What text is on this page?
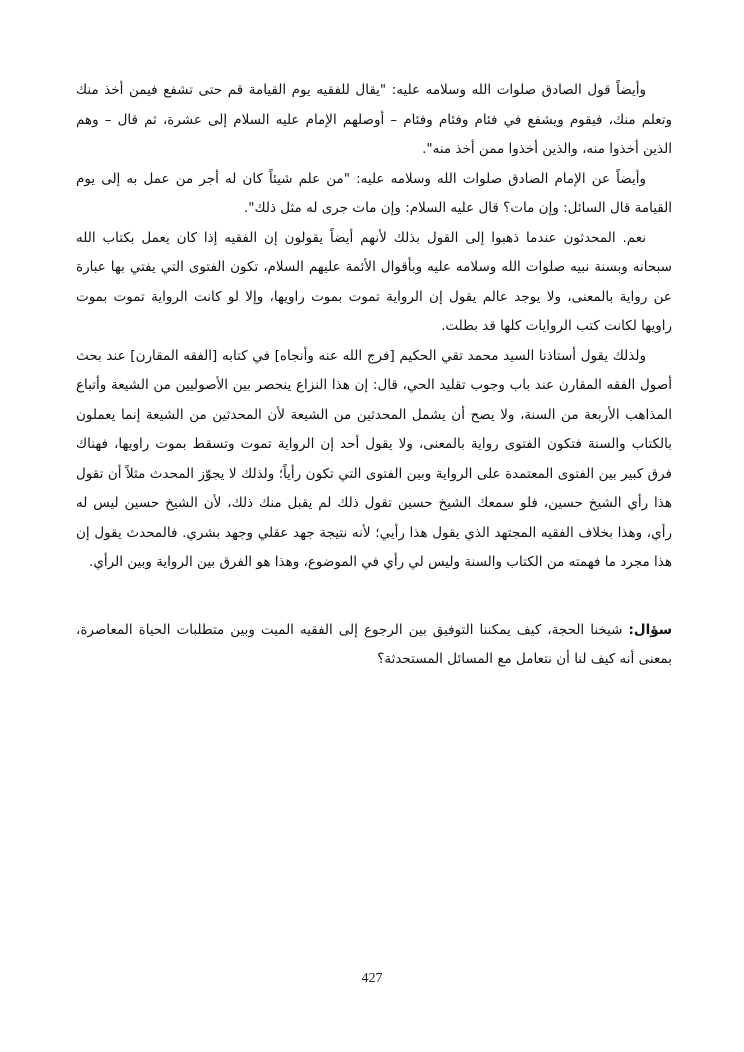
وأيضاً قول الصادق صلوات الله وسلامه عليه: "يقال للفقيه يوم القيامة قم حتى تشفع فيمن أخذ منك وتعلم منك، فيقوم ويشفع في فئام وفئام وفئام – أوصلهم الإمام عليه السلام إلى عشرة، ثم قال – وهم الذين أخذوا منه، والذين أخذوا ممن أخذ منه".

وأيضاً عن الإمام الصادق صلوات الله وسلامه عليه: "من علم شيئاً كان له أجر من عمل به إلى يوم القيامة قال السائل: وإن مات؟ قال عليه السلام: وإن مات جرى له مثل ذلك".

نعم. المحدثون عندما ذهبوا إلى القول بذلك لأنهم أيضاً يقولون إن الفقيه إذا كان يعمل بكتاب الله سبحانه وبسنة نبيه صلوات الله وسلامه عليه وبأقوال الأئمة عليهم السلام، تكون الفتوى التي يفتي بها عبارة عن رواية بالمعنى، ولا يوجد عالم يقول إن الرواية تموت بموت راويها، وإلا لو كانت الرواية تموت بموت راويها لكانت كتب الروايات كلها قد بطلت.

ولذلك يقول أستاذنا السيد محمد تقي الحكيم [فرج الله عنه وأنجاه] في كتابه [الفقه المقارن] عند بحث أصول الفقه المقارن عند باب وجوب تقليد الحي، قال: إن هذا النزاع ينحصر بين الأصوليين من الشيعة وأتباع المذاهب الأربعة من السنة، ولا يصح أن يشمل المحدثين من الشيعة لأن المحدثين من الشيعة إنما يعملون بالكتاب والسنة فتكون الفتوى رواية بالمعنى، ولا يقول أحد إن الرواية تموت وتسقط بموت راويها، فهناك فرق كبير بين الفتوى المعتمدة على الرواية وبين الفتوى التي تكون رأياً؛ ولذلك لا يجوّز المحدث مثلاً أن تقول هذا رأي الشيخ حسين، فلو سمعك الشيخ حسين تقول ذلك لم يقبل منك ذلك، لأن الشيخ حسين ليس له رأي، وهذا بخلاف الفقيه المجتهد الذي يقول هذا رأيي؛ لأنه نتيجة جهد عقلي وجهد بشري. فالمحدث يقول إن هذا مجرد ما فهمته من الكتاب والسنة وليس لي رأي في الموضوع، وهذا هو الفرق بين الرواية وبين الرأي.

سؤال: شيخنا الحجة، كيف يمكننا التوفيق بين الرجوع إلى الفقيه الميت وبين متطلبات الحياة المعاصرة، بمعنى أنه كيف لنا أن نتعامل مع المسائل المستحدثة؟

427
